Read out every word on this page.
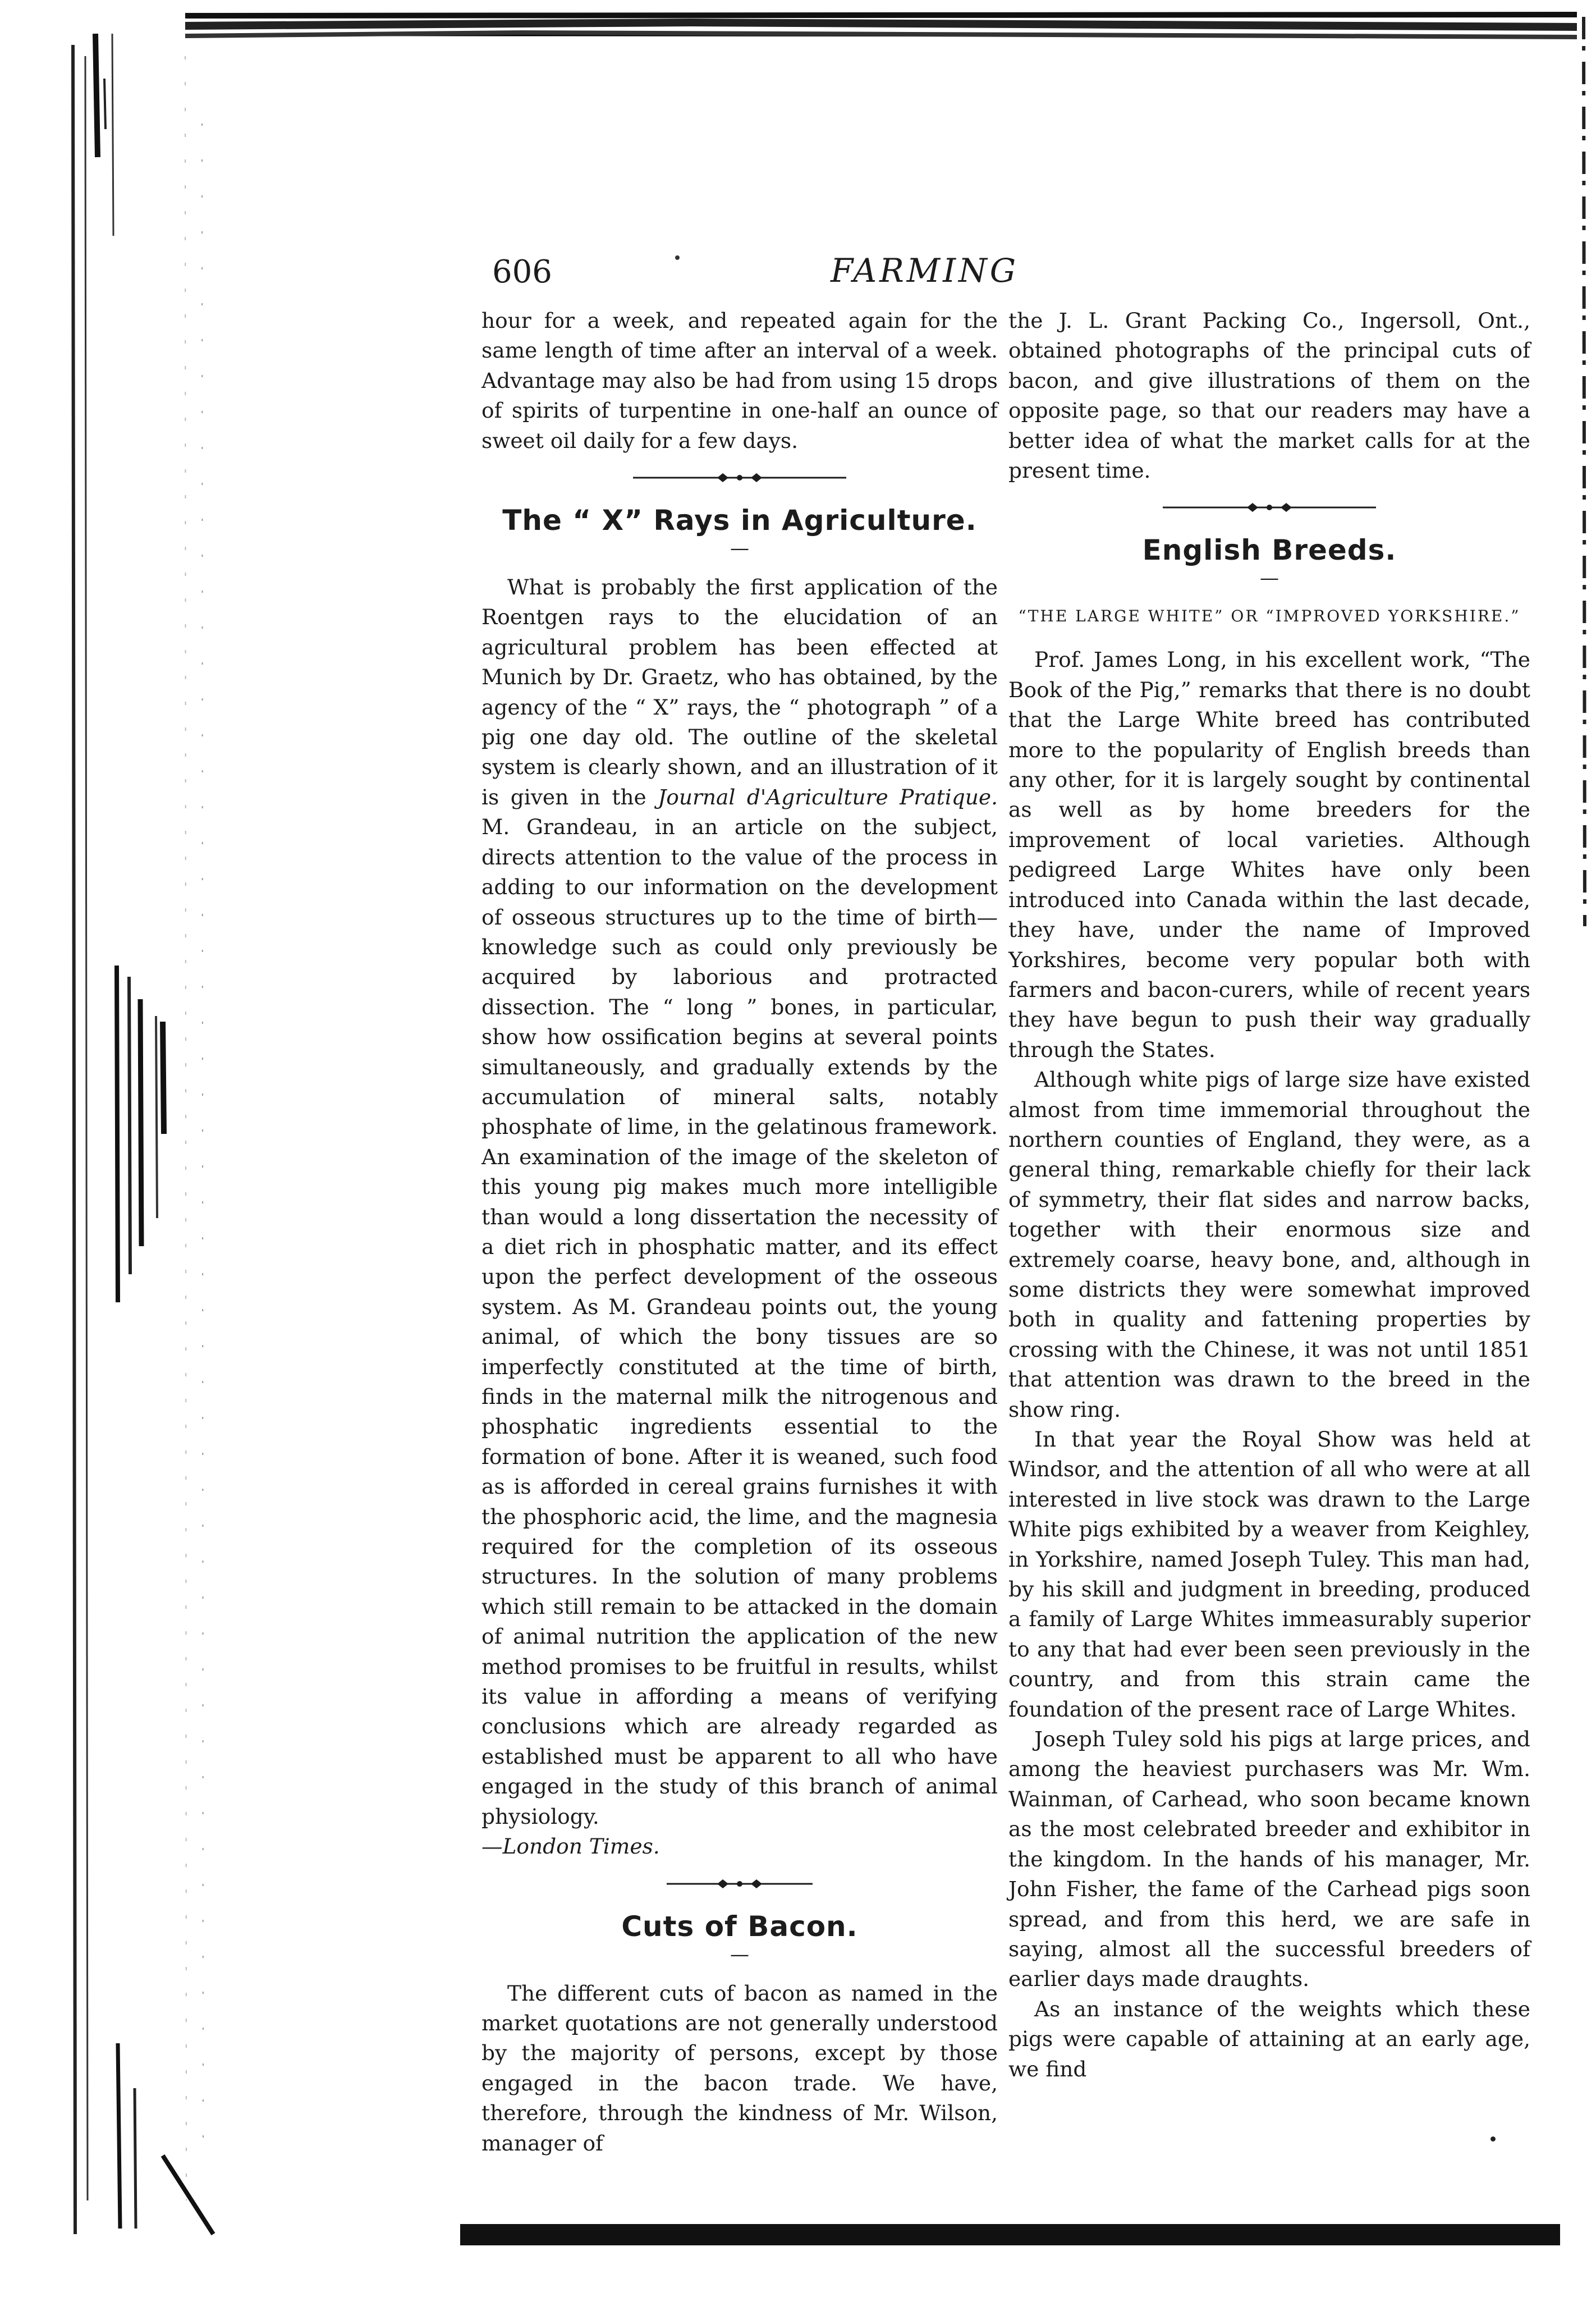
606	FARMING

hour for a week, and repeated again for the same length of time after an interval of a week. Advantage may also be had from using 15 drops of spirits of turpentine in one-half an ounce of sweet oil daily for a few days.

The “ X” Rays in Agriculture.
—

What is probably the first application of the Roentgen rays to the elucidation of an agricultural problem has been effected at Munich by Dr. Graetz, who has obtained, by the agency of the “ X” rays, the “ photograph ” of a pig one day old. The outline of the skeletal system is clearly shown, and an illustration of it is given in the Journal d'Agriculture Pratique. M. Grandeau, in an article on the subject, directs attention to the value of the process in adding to our information on the development of osseous structures up to the time of birth—knowledge such as could only previously be acquired by laborious and protracted dissection. The “ long ” bones, in particular, show how ossification begins at several points simultaneously, and gradually extends by the accumulation of mineral salts, notably phosphate of lime, in the gelatinous framework. An examination of the image of the skeleton of this young pig makes much more intelligible than would a long dissertation the necessity of a diet rich in phosphatic matter, and its effect upon the perfect development of the osseous system. As M. Grandeau points out, the young animal, of which the bony tissues are so imperfectly constituted at the time of birth, finds in the maternal milk the nitrogenous and phosphatic ingredients essential to the formation of bone. After it is weaned, such food as is afforded in cereal grains furnishes it with the phosphoric acid, the lime, and the magnesia required for the completion of its osseous structures. In the solution of many problems which still remain to be attacked in the domain of animal nutrition the application of the new method promises to be fruitful in results, whilst its value in affording a means of verifying conclusions which are already regarded as established must be apparent to all who have engaged in the study of this branch of animal physiology.

—London Times.

Cuts of Bacon.
—

The different cuts of bacon as named in the market quotations are not generally understood by the majority of persons, except by those engaged in the bacon trade. We have, therefore, through the kindness of Mr. Wilson, manager of

the J. L. Grant Packing Co., Ingersoll, Ont., obtained photographs of the principal cuts of bacon, and give illustrations of them on the opposite page, so that our readers may have a better idea of what the market calls for at the present time.

English Breeds.
—
“THE LARGE WHITE” OR “IMPROVED YORKSHIRE.”

Prof. James Long, in his excellent work, “The Book of the Pig,” remarks that there is no doubt that the Large White breed has contributed more to the popularity of English breeds than any other, for it is largely sought by continental as well as by home breeders for the improvement of local varieties. Although pedigreed Large Whites have only been introduced into Canada within the last decade, they have, under the name of Improved Yorkshires, become very popular both with farmers and bacon-curers, while of recent years they have begun to push their way gradually through the States.

Although white pigs of large size have existed almost from time immemorial throughout the northern counties of England, they were, as a general thing, remarkable chiefly for their lack of symmetry, their flat sides and narrow backs, together with their enormous size and extremely coarse, heavy bone, and, although in some districts they were somewhat improved both in quality and fattening properties by crossing with the Chinese, it was not until 1851 that attention was drawn to the breed in the show ring.

In that year the Royal Show was held at Windsor, and the attention of all who were at all interested in live stock was drawn to the Large White pigs exhibited by a weaver from Keighley, in Yorkshire, named Joseph Tuley. This man had, by his skill and judgment in breeding, produced a family of Large Whites immeasurably superior to any that had ever been seen previously in the country, and from this strain came the foundation of the present race of Large Whites.

Joseph Tuley sold his pigs at large prices, and among the heaviest purchasers was Mr. Wm. Wainman, of Carhead, who soon became known as the most celebrated breeder and exhibitor in the kingdom. In the hands of his manager, Mr. John Fisher, the fame of the Carhead pigs soon spread, and from this herd, we are safe in saying, almost all the successful breeders of earlier days made draughts.

As an instance of the weights which these pigs were capable of attaining at an early age, we find
